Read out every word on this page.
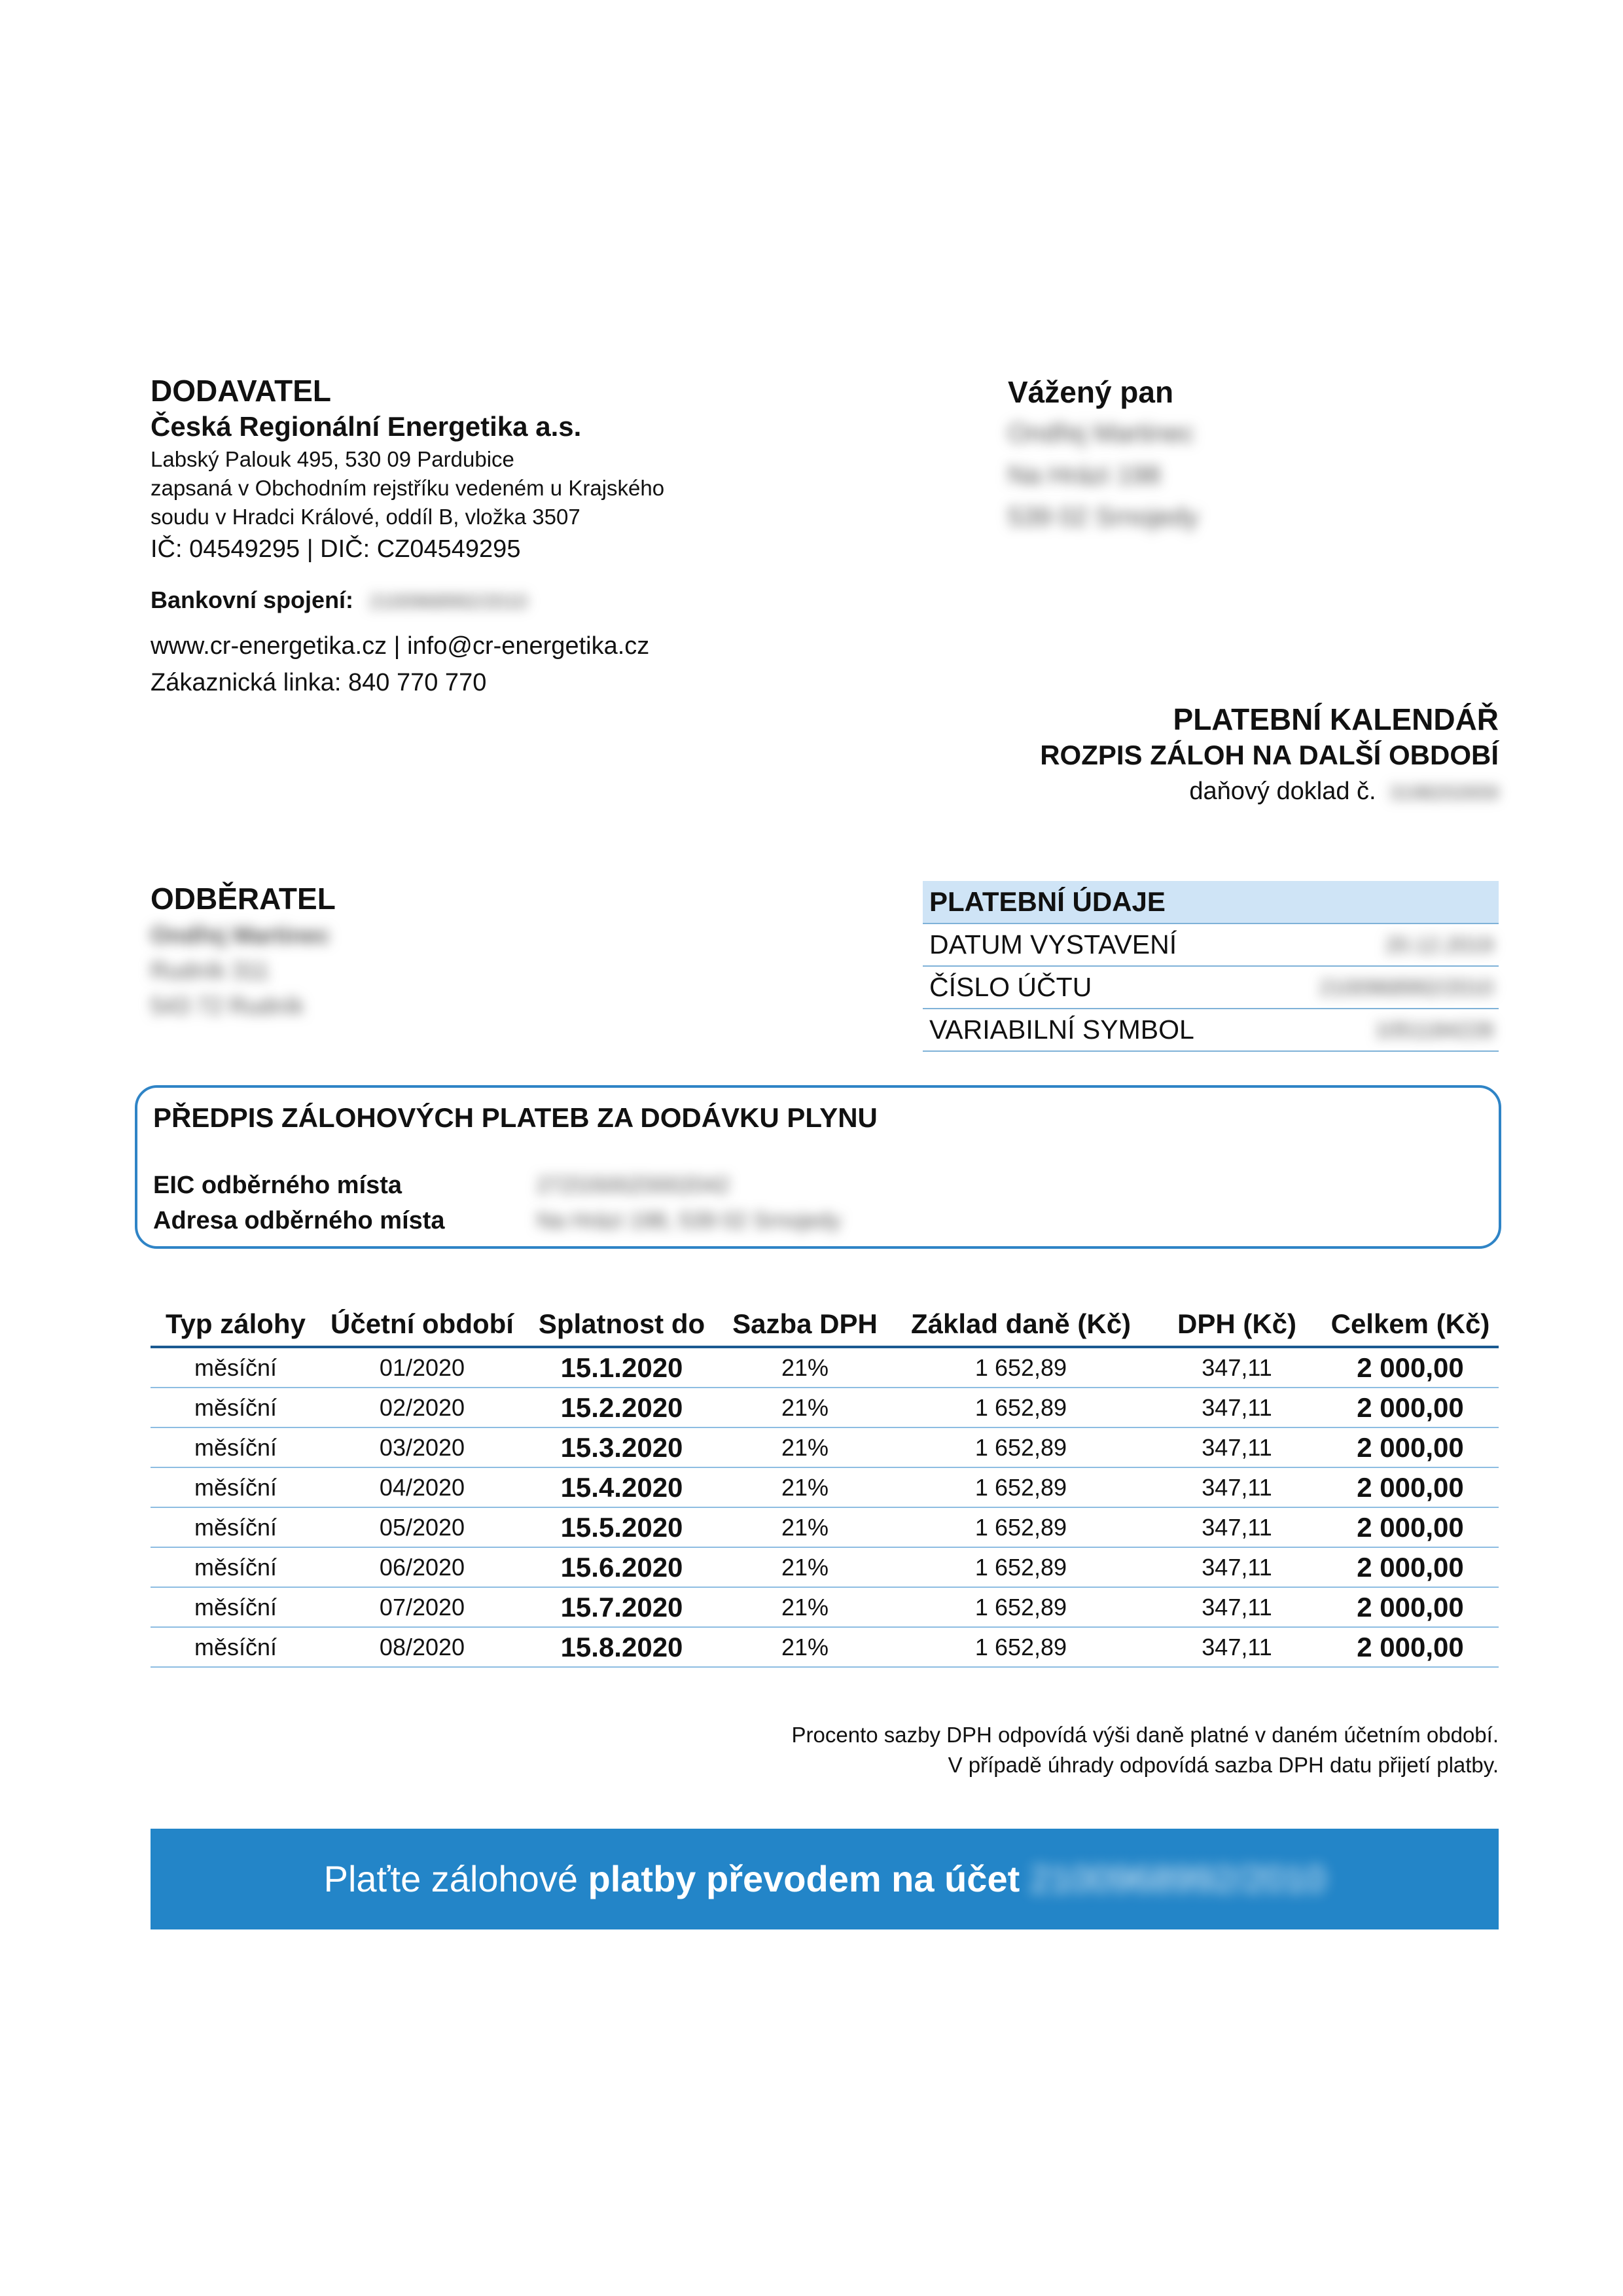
DODAVATEL
Česká Regionální Energetika a.s.
Labský Palouk 495, 530 09 Pardubice
zapsaná v Obchodním rejstříku vedeném u Krajského
soudu v Hradci Králové, oddíl B, vložka 3507
IČ: 04549295 | DIČ: CZ04549295
Bankovní spojení: 2100968992/2010
www.cr-energetika.cz | info@cr-energetika.cz
Zákaznická linka: 840 770 770
Vážený pan
Ondřej Martinec
Na Hrázi 198
539 02 Srnojedy
PLATEBNÍ KALENDÁŘ
ROZPIS ZÁLOH NA DALŠÍ OBDOBÍ
daňový doklad č. 3198202659
ODBĚRATEL
Ondřej Martinec
Rudník 311
543 72 Rudník
PLATEBNÍ ÚDAJE
DATUM VYSTAVENÍ	20.12.2019
ČÍSLO ÚČTU	2100968992/2010
VARIABILNÍ SYMBOL	1051184228
PŘEDPIS ZÁLOHOVÝCH PLATEB ZA DODÁVKU PLYNU
EIC odběrného místa	27ZG500Z0002042
Adresa odběrného místa	Na Hrázi 198, 539 02 Srnojedy
Typ zálohy	Účetní období	Splatnost do	Sazba DPH	Základ daně (Kč)	DPH (Kč)	Celkem (Kč)
měsíční	01/2020	15.1.2020	21%	1 652,89	347,11	2 000,00
měsíční	02/2020	15.2.2020	21%	1 652,89	347,11	2 000,00
měsíční	03/2020	15.3.2020	21%	1 652,89	347,11	2 000,00
měsíční	04/2020	15.4.2020	21%	1 652,89	347,11	2 000,00
měsíční	05/2020	15.5.2020	21%	1 652,89	347,11	2 000,00
měsíční	06/2020	15.6.2020	21%	1 652,89	347,11	2 000,00
měsíční	07/2020	15.7.2020	21%	1 652,89	347,11	2 000,00
měsíční	08/2020	15.8.2020	21%	1 652,89	347,11	2 000,00
Procento sazby DPH odpovídá výši daně platné v daném účetním období.
V případě úhrady odpovídá sazba DPH datu přijetí platby.
Plaťte zálohové platby převodem na účet 2100968992/2010
